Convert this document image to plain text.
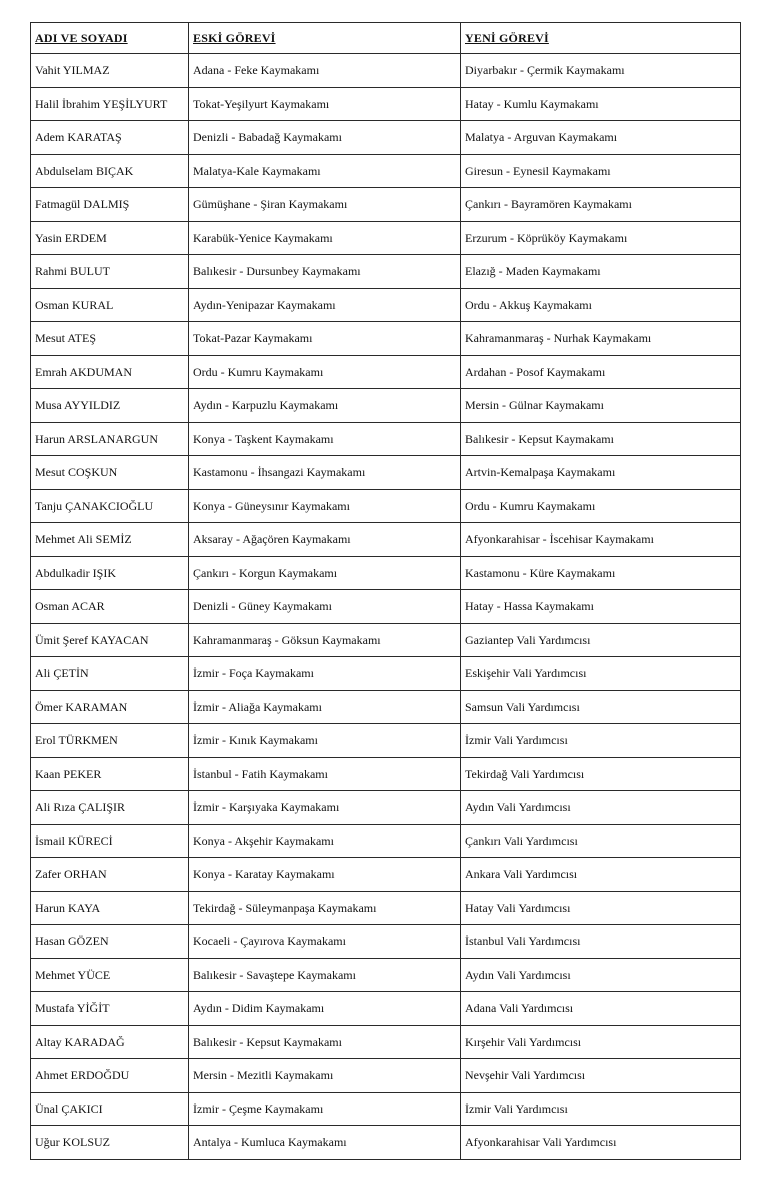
ADI VE SOYADI	ESKİ GÖREVİ	YENİ GÖREVİ
Vahit YILMAZ	Adana - Feke Kaymakamı	Diyarbakır - Çermik Kaymakamı
Halil İbrahim YEŞİLYURT	Tokat-Yeşilyurt Kaymakamı	Hatay - Kumlu Kaymakamı
Adem KARATAŞ	Denizli - Babadağ Kaymakamı	Malatya - Arguvan Kaymakamı
Abdulselam BIÇAK	Malatya-Kale Kaymakamı	Giresun - Eynesil Kaymakamı
Fatmagül DALMIŞ	Gümüşhane - Şiran Kaymakamı	Çankırı - Bayramören Kaymakamı
Yasin ERDEM	Karabük-Yenice Kaymakamı	Erzurum - Köprüköy Kaymakamı
Rahmi BULUT	Balıkesir - Dursunbey Kaymakamı	Elazığ - Maden Kaymakamı
Osman KURAL	Aydın-Yenipazar Kaymakamı	Ordu - Akkuş Kaymakamı
Mesut ATEŞ	Tokat-Pazar Kaymakamı	Kahramanmaraş - Nurhak Kaymakamı
Emrah AKDUMAN	Ordu - Kumru Kaymakamı	Ardahan - Posof Kaymakamı
Musa AYYILDIZ	Aydın - Karpuzlu Kaymakamı	Mersin - Gülnar Kaymakamı
Harun ARSLANARGUN	Konya - Taşkent Kaymakamı	Balıkesir - Kepsut Kaymakamı
Mesut COŞKUN	Kastamonu - İhsangazi Kaymakamı	Artvin-Kemalpaşa Kaymakamı
Tanju ÇANAKCIOĞLU	Konya - Güneysınır Kaymakamı	Ordu - Kumru Kaymakamı
Mehmet Ali SEMİZ	Aksaray - Ağaçören Kaymakamı	Afyonkarahisar - İscehisar Kaymakamı
Abdulkadir IŞIK	Çankırı - Korgun Kaymakamı	Kastamonu - Küre Kaymakamı
Osman ACAR	Denizli - Güney Kaymakamı	Hatay - Hassa Kaymakamı
Ümit Şeref KAYACAN	Kahramanmaraş - Göksun Kaymakamı	Gaziantep Vali Yardımcısı
Ali ÇETİN	İzmir - Foça Kaymakamı	Eskişehir Vali Yardımcısı
Ömer KARAMAN	İzmir - Aliağa Kaymakamı	Samsun Vali Yardımcısı
Erol TÜRKMEN	İzmir - Kınık Kaymakamı	İzmir Vali Yardımcısı
Kaan PEKER	İstanbul - Fatih Kaymakamı	Tekirdağ Vali Yardımcısı
Ali Rıza ÇALIŞIR	İzmir - Karşıyaka Kaymakamı	Aydın Vali Yardımcısı
İsmail KÜRECİ	Konya - Akşehir Kaymakamı	Çankırı Vali Yardımcısı
Zafer ORHAN	Konya - Karatay Kaymakamı	Ankara Vali Yardımcısı
Harun KAYA	Tekirdağ - Süleymanpaşa Kaymakamı	Hatay Vali Yardımcısı
Hasan GÖZEN	Kocaeli - Çayırova Kaymakamı	İstanbul Vali Yardımcısı
Mehmet YÜCE	Balıkesir - Savaştepe Kaymakamı	Aydın Vali Yardımcısı
Mustafa YİĞİT	Aydın - Didim Kaymakamı	Adana Vali Yardımcısı
Altay KARADAĞ	Balıkesir - Kepsut Kaymakamı	Kırşehir Vali Yardımcısı
Ahmet ERDOĞDU	Mersin - Mezitli Kaymakamı	Nevşehir Vali Yardımcısı
Ünal ÇAKICI	İzmir - Çeşme Kaymakamı	İzmir Vali Yardımcısı
Uğur KOLSUZ	Antalya - Kumluca Kaymakamı	Afyonkarahisar Vali Yardımcısı
